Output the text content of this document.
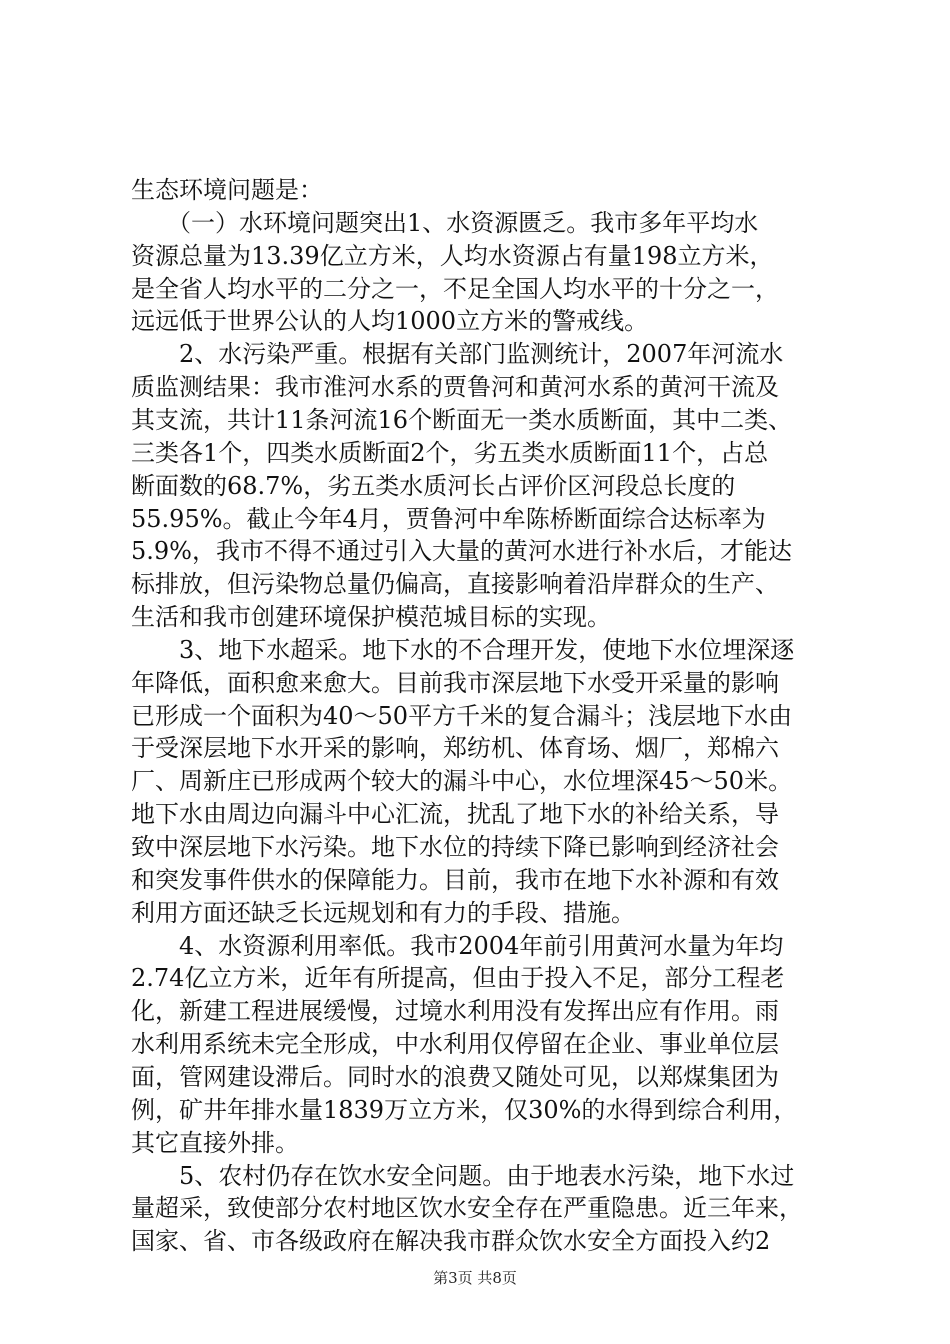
生态环境问题是：
　　（一）水环境问题突出1、水资源匮乏。我市多年平均水
资源总量为13.39亿立方米，人均水资源占有量198立方米，
是全省人均水平的二分之一，不足全国人均水平的十分之一，
远远低于世界公认的人均1000立方米的警戒线。
　　2、水污染严重。根据有关部门监测统计，2007年河流水
质监测结果：我市淮河水系的贾鲁河和黄河水系的黄河干流及
其支流，共计11条河流16个断面无一类水质断面，其中二类、
三类各1个，四类水质断面2个，劣五类水质断面11个，占总
断面数的68.7%，劣五类水质河长占评价区河段总长度的
55.95%。截止今年4月，贾鲁河中牟陈桥断面综合达标率为
5.9%，我市不得不通过引入大量的黄河水进行补水后，才能达
标排放，但污染物总量仍偏高，直接影响着沿岸群众的生产、
生活和我市创建环境保护模范城目标的实现。
　　3、地下水超采。地下水的不合理开发，使地下水位埋深逐
年降低，面积愈来愈大。目前我市深层地下水受开采量的影响
已形成一个面积为40～50平方千米的复合漏斗；浅层地下水由
于受深层地下水开采的影响，郑纺机、体育场、烟厂，郑棉六
厂、周新庄已形成两个较大的漏斗中心，水位埋深45～50米。
地下水由周边向漏斗中心汇流，扰乱了地下水的补给关系，导
致中深层地下水污染。地下水位的持续下降已影响到经济社会
和突发事件供水的保障能力。目前，我市在地下水补源和有效
利用方面还缺乏长远规划和有力的手段、措施。
　　4、水资源利用率低。我市2004年前引用黄河水量为年均
2.74亿立方米，近年有所提高，但由于投入不足，部分工程老
化，新建工程进展缓慢，过境水利用没有发挥出应有作用。雨
水利用系统未完全形成，中水利用仅停留在企业、事业单位层
面，管网建设滞后。同时水的浪费又随处可见，以郑煤集团为
例，矿井年排水量1839万立方米，仅30%的水得到综合利用，
其它直接外排。
　　5、农村仍存在饮水安全问题。由于地表水污染，地下水过
量超采，致使部分农村地区饮水安全存在严重隐患。近三年来，
国家、省、市各级政府在解决我市群众饮水安全方面投入约2
第3页 共8页
